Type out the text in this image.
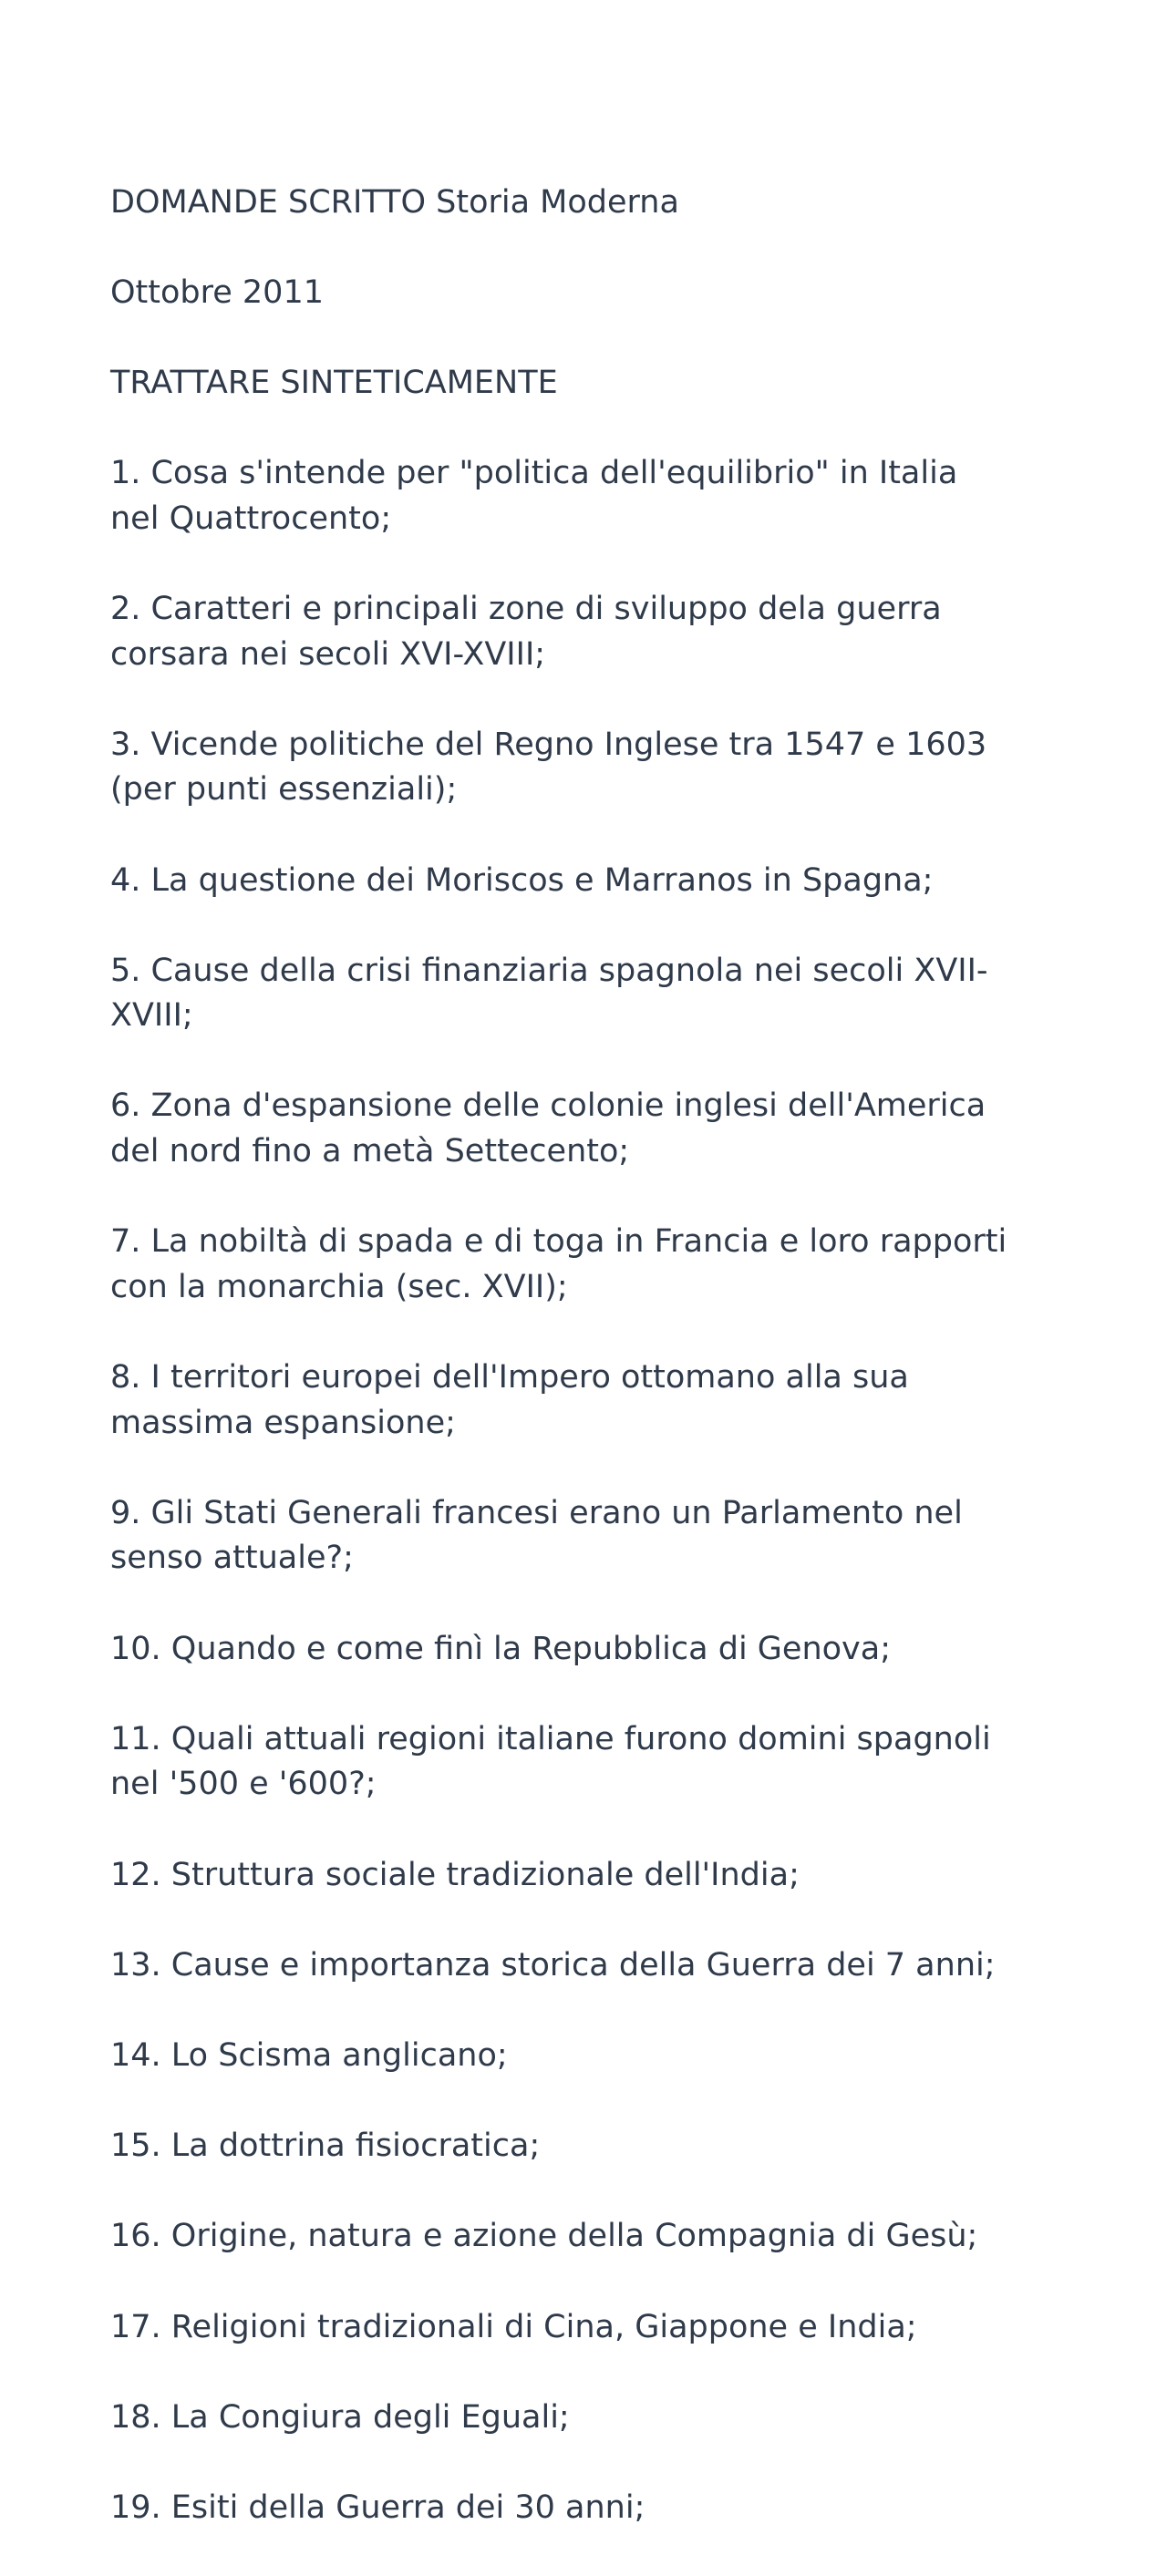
DOMANDE SCRITTO Storia Moderna

Ottobre 2011

TRATTARE SINTETICAMENTE

1. Cosa s'intende per "politica dell'equilibrio" in Italia
nel Quattrocento;

2. Caratteri e principali zone di sviluppo dela guerra
corsara nei secoli XVI-XVIII;

3. Vicende politiche del Regno Inglese tra 1547 e 1603
(per punti essenziali);

4. La questione dei Moriscos e Marranos in Spagna;

5. Cause della crisi finanziaria spagnola nei secoli XVII-
XVIII;

6. Zona d'espansione delle colonie inglesi dell'America
del nord fino a metà Settecento;

7. La nobiltà di spada e di toga in Francia e loro rapporti
con la monarchia (sec. XVII);

8. I territori europei dell'Impero ottomano alla sua
massima espansione;

9. Gli Stati Generali francesi erano un Parlamento nel
senso attuale?;

10. Quando e come finì la Repubblica di Genova;

11. Quali attuali regioni italiane furono domini spagnoli
nel '500 e '600?;

12. Struttura sociale tradizionale dell'India;

13. Cause e importanza storica della Guerra dei 7 anni;

14. Lo Scisma anglicano;

15. La dottrina fisiocratica;

16. Origine, natura e azione della Compagnia di Gesù;

17. Religioni tradizionali di Cina, Giappone e India;

18. La Congiura degli Eguali;

19. Esiti della Guerra dei 30 anni;
